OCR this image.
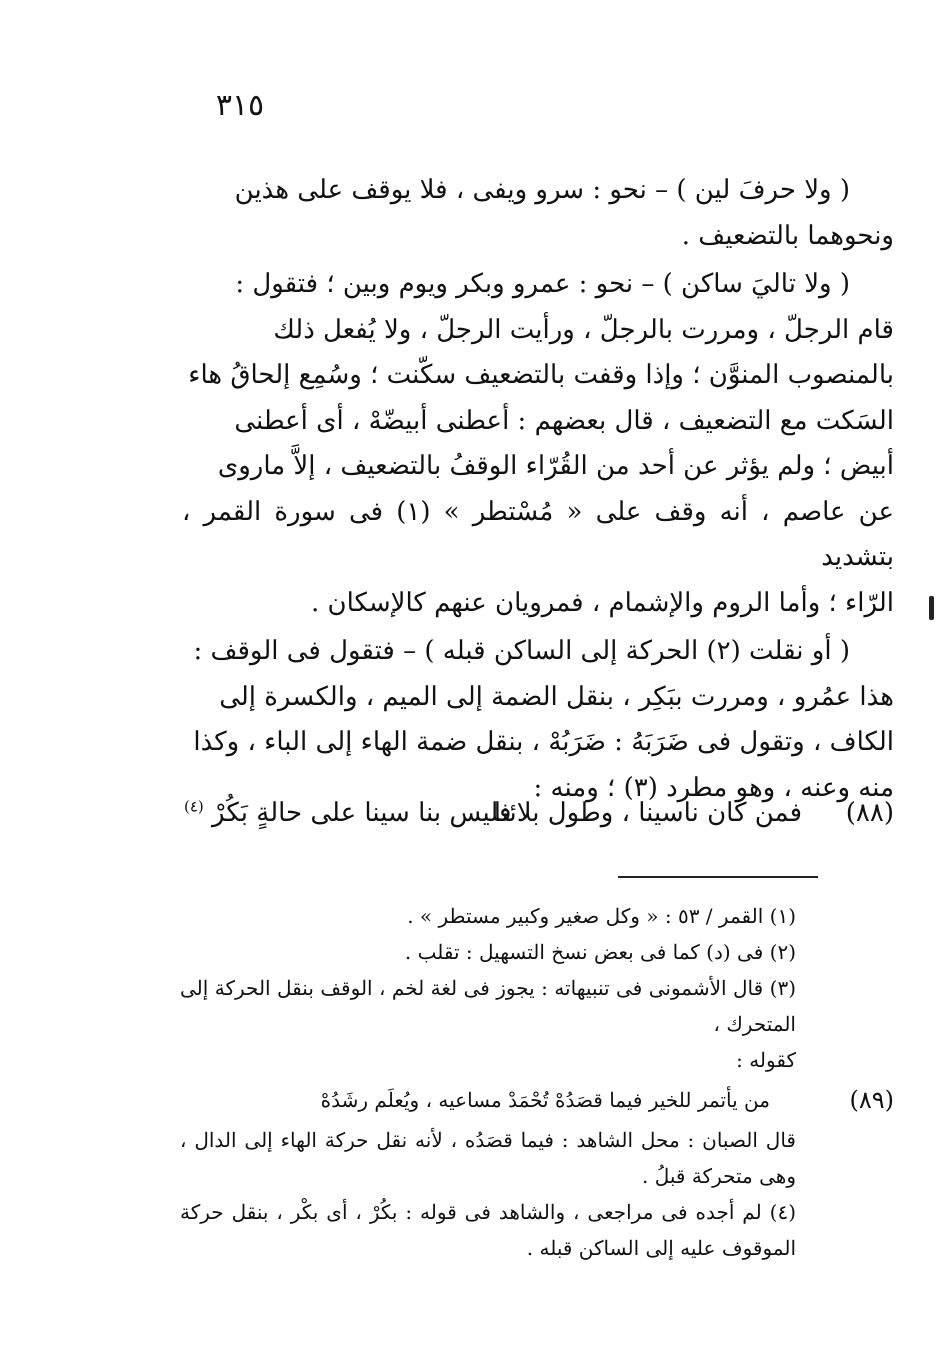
٣١٥

( ولا حرفَ لين ) – نحو : سرو ويفى ، فلا يوقف على هذين
ونحوهما بالتضعيف .

( ولا تاليَ ساكن ) – نحو : عمرو وبكر ويوم وبين ؛ فتقول :
قام الرجلّ ، ومررت بالرجلّ ، ورأيت الرجلّ ، ولا يُفعل ذلك
بالمنصوب المنوَّن ؛ وإذا وقفت بالتضعيف سكّنت ؛ وسُمِع إلحاقُ هاء
السَكت مع التضعيف ، قال بعضهم : أعطنى أبيضّهْ ، أى أعطنى
أبيض ؛ ولم يؤثر عن أحد من القُرّاء الوقفُ بالتضعيف ، إلاَّ ماروى
عن عاصم ، أنه وقف على « مُسْتطر » (١) فى سورة القمر ، بتشديد
الرّاء ؛ وأما الروم والإشمام ، فمرويان عنهم كالإسكان .

( أو نقلت (٢) الحركة إلى الساكن قبله ) – فتقول فى الوقف :
هذا عمُرو ، ومررت ببَكِر ، بنقل الضمة إلى الميم ، والكسرة إلى
الكاف ، وتقول فى ضَرَبَهُ : ضَرَبُهْ ، بنقل ضمة الهاء إلى الباء ، وكذا
منه وعنه ، وهو مطرد (٣) ؛ ومنه :

(٨٨)
فمن كان ناسينا ، وطول بلائنا
فليس بنا سينا على حالةٍ بَكُرْ $^{(٤)}$

(١) القمر / ٥٣ : « وكل صغير وكبير مستطر » .

(٢) فى (د) كما فى بعض نسخ التسهيل : تقلب .

(٣) قال الأشمونى فى تنبيهاته : يجوز فى لغة لخم ، الوقف بنقل الحركة إلى المتحرك ،

كقوله :

(٨٩)
من يأتمر للخير فيما قصَدُهْ تُحْمَدْ مساعيه ، ويُعلَم رشَدُهْ

قال الصبان : محل الشاهد : فيما قصَدُه ، لأنه نقل حركة الهاء إلى الدال ، وهى متحركة قبلُ .

(٤) لم أجده فى مراجعى ، والشاهد فى قوله : بكُرْ ، أى بكْر ، بنقل حركة الموقوف عليه إلى الساكن قبله .
